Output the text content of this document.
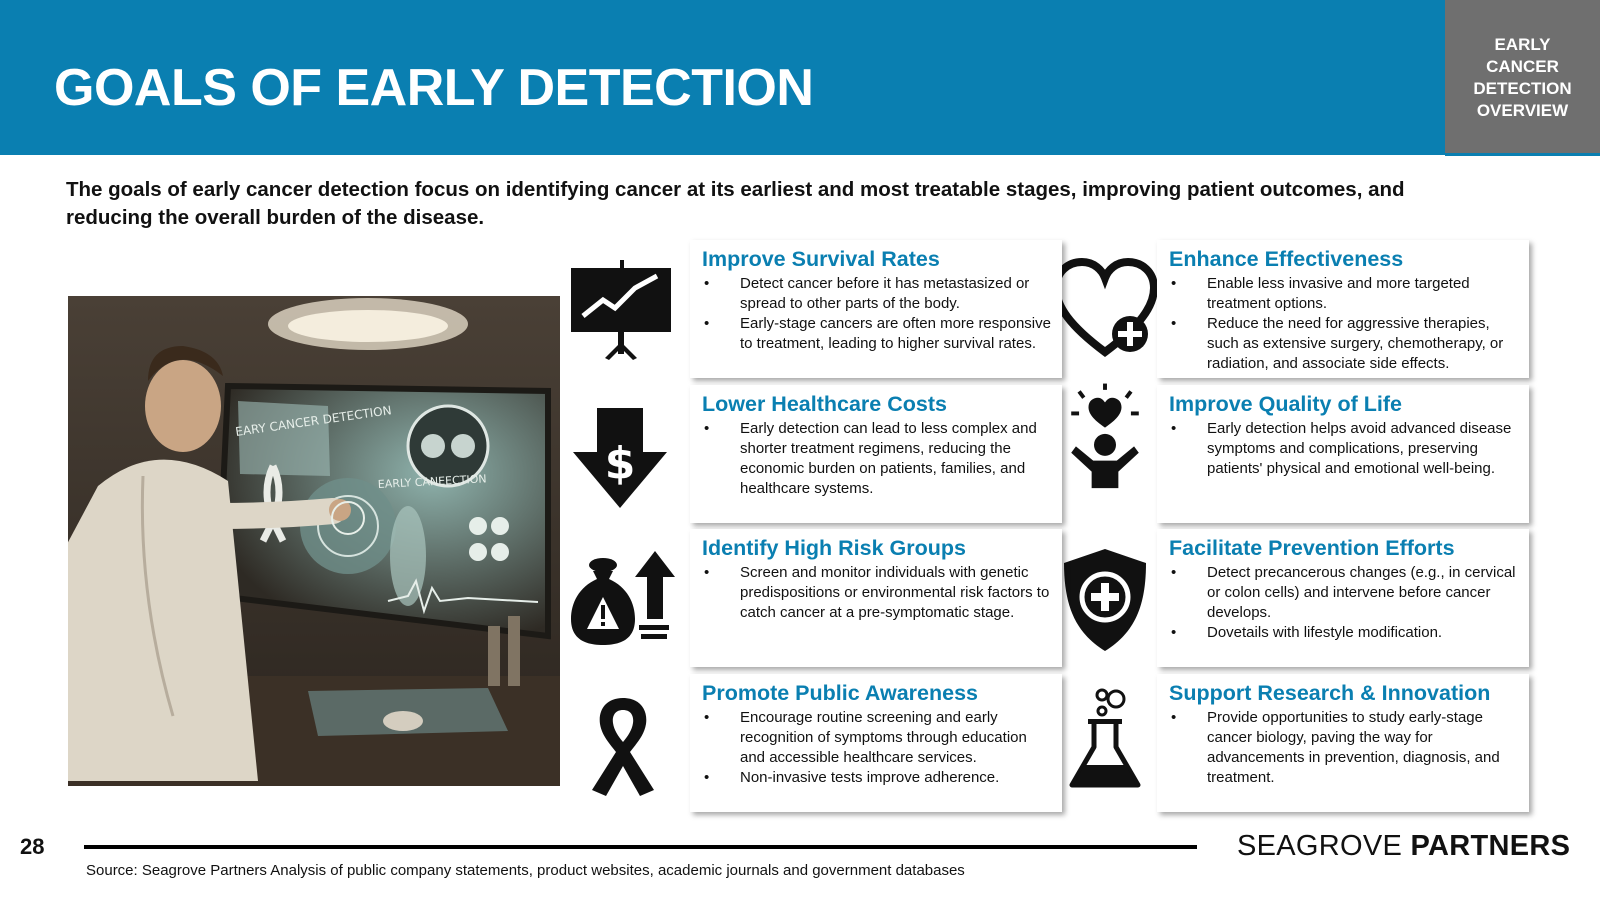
GOALS OF EARLY DETECTION
EARLY
CANCER
DETECTION
OVERVIEW
The goals of early cancer detection focus on identifying cancer at its earliest and most treatable stages, improving patient outcomes, and reducing the overall burden of the disease.
EARY CANCER DETECTION
EARLY CANEECTION	$
Improve Survival Rates
• Detect cancer before it has metastasized or spread to other parts of the body.
• Early-stage cancers are often more responsive to treatment, leading to higher survival rates.
Enhance Effectiveness
• Enable less invasive and more targeted treatment options.
• Reduce the need for aggressive therapies, such as extensive surgery, chemotherapy, or radiation, and associate side effects.
Lower Healthcare Costs
• Early detection can lead to less complex and shorter treatment regimens, reducing the economic burden on patients, families, and healthcare systems.
Improve Quality of Life
• Early detection helps avoid advanced disease symptoms and complications, preserving patients' physical and emotional well-being.
Identify High Risk Groups
• Screen and monitor individuals with genetic predispositions or environmental risk factors to catch cancer at a pre-symptomatic stage.
Facilitate Prevention Efforts
• Detect precancerous changes (e.g., in cervical or colon cells) and intervene before cancer develops.
• Dovetails with lifestyle modification.
Promote Public Awareness
• Encourage routine screening and early recognition of symptoms through education and accessible healthcare services.
• Non-invasive tests improve adherence.
Support Research & Innovation
• Provide opportunities to study early-stage cancer biology, paving the way for advancements in prevention, diagnosis, and treatment.
28	SEAGROVE PARTNERS
Source: Seagrove Partners Analysis of public company statements, product websites, academic journals and government databases
